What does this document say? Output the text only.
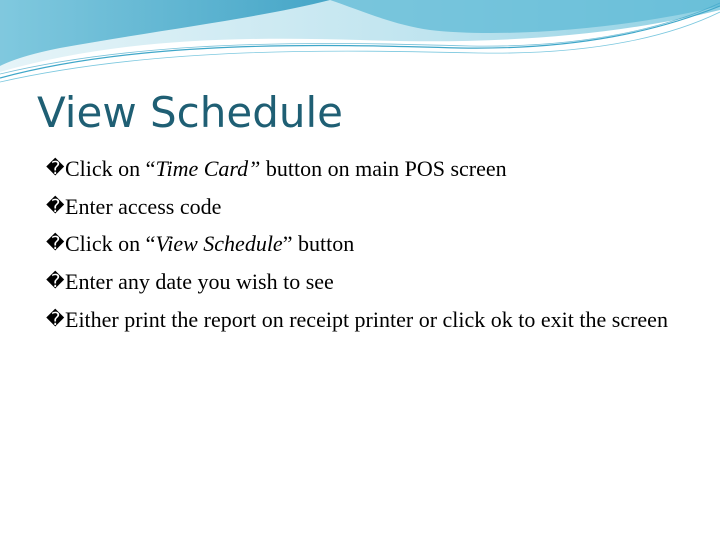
View Schedule
� Click on “Time Card” button on main POS screen
� Enter access code
� Click on “View Schedule” button
� Enter any date you wish to see
� Either print the report on receipt printer or click ok to exit the screen
